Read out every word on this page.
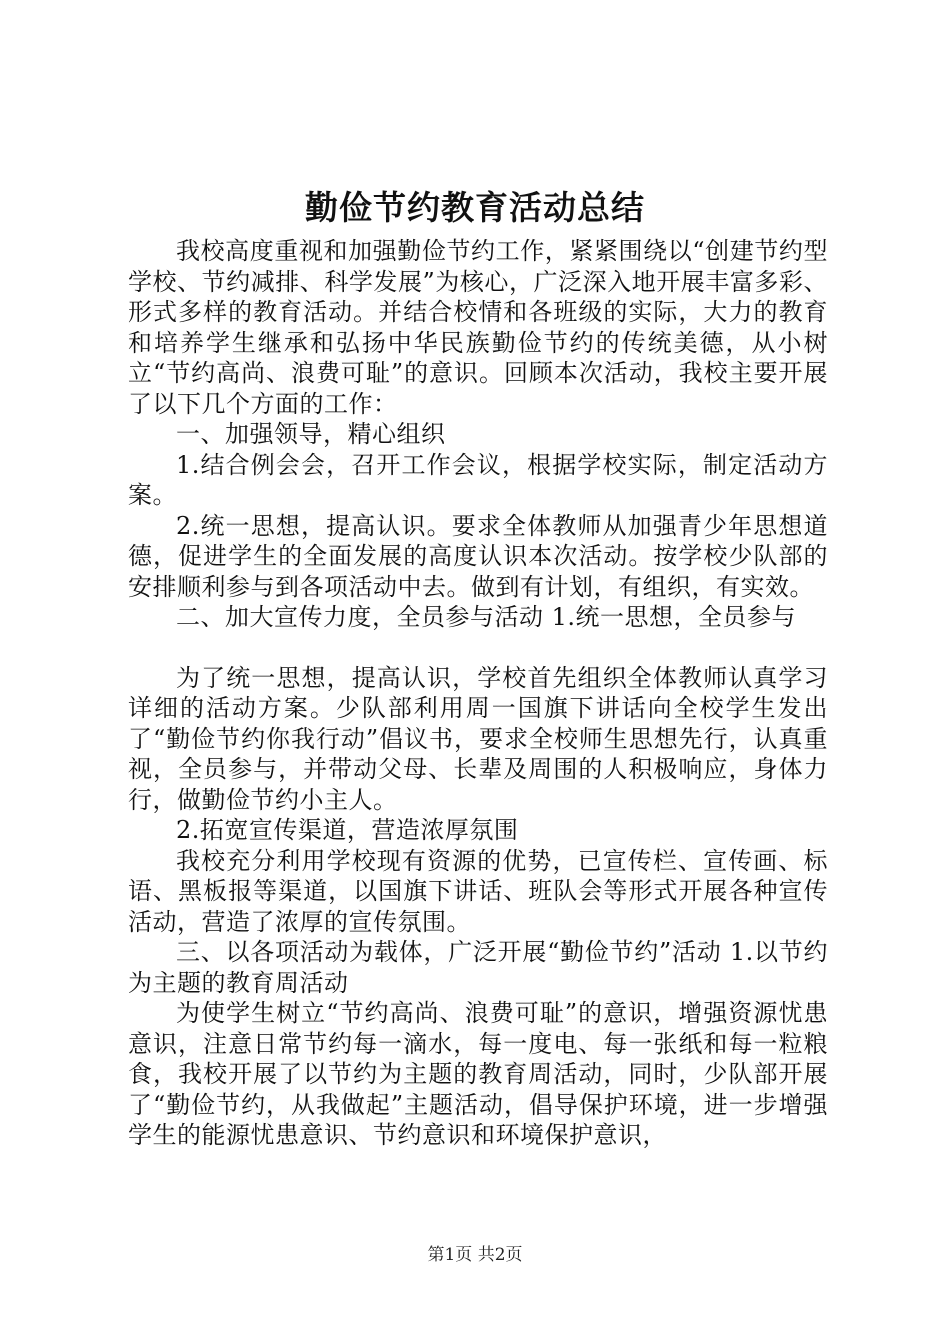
勤俭节约教育活动总结

我校高度重视和加强勤俭节约工作，紧紧围绕以“创建节约型学校、节约减排、科学发展”为核心，广泛深入地开展丰富多彩、形式多样的教育活动。并结合校情和各班级的实际，大力的教育和培养学生继承和弘扬中华民族勤俭节约的传统美德，从小树立“节约高尚、浪费可耻”的意识。回顾本次活动，我校主要开展了以下几个方面的工作：

一、加强领导，精心组织

1.结合例会会，召开工作会议，根据学校实际，制定活动方案。

2.统一思想，提高认识。要求全体教师从加强青少年思想道德，促进学生的全面发展的高度认识本次活动。按学校少队部的安排顺利参与到各项活动中去。做到有计划，有组织，有实效。

二、加大宣传力度，全员参与活动 1.统一思想，全员参与

为了统一思想，提高认识，学校首先组织全体教师认真学习详细的活动方案。少队部利用周一国旗下讲话向全校学生发出了“勤俭节约你我行动”倡议书，要求全校师生思想先行，认真重视，全员参与，并带动父母、长辈及周围的人积极响应，身体力行，做勤俭节约小主人。

2.拓宽宣传渠道，营造浓厚氛围

我校充分利用学校现有资源的优势，已宣传栏、宣传画、标语、黑板报等渠道，以国旗下讲话、班队会等形式开展各种宣传活动，营造了浓厚的宣传氛围。

三、以各项活动为载体，广泛开展“勤俭节约”活动 1.以节约为主题的教育周活动

为使学生树立“节约高尚、浪费可耻”的意识，增强资源忧患意识，注意日常节约每一滴水，每一度电、每一张纸和每一粒粮食，我校开展了以节约为主题的教育周活动，同时，少队部开展了“勤俭节约，从我做起”主题活动，倡导保护环境，进一步增强学生的能源忧患意识、节约意识和环境保护意识，

第1页 共2页
